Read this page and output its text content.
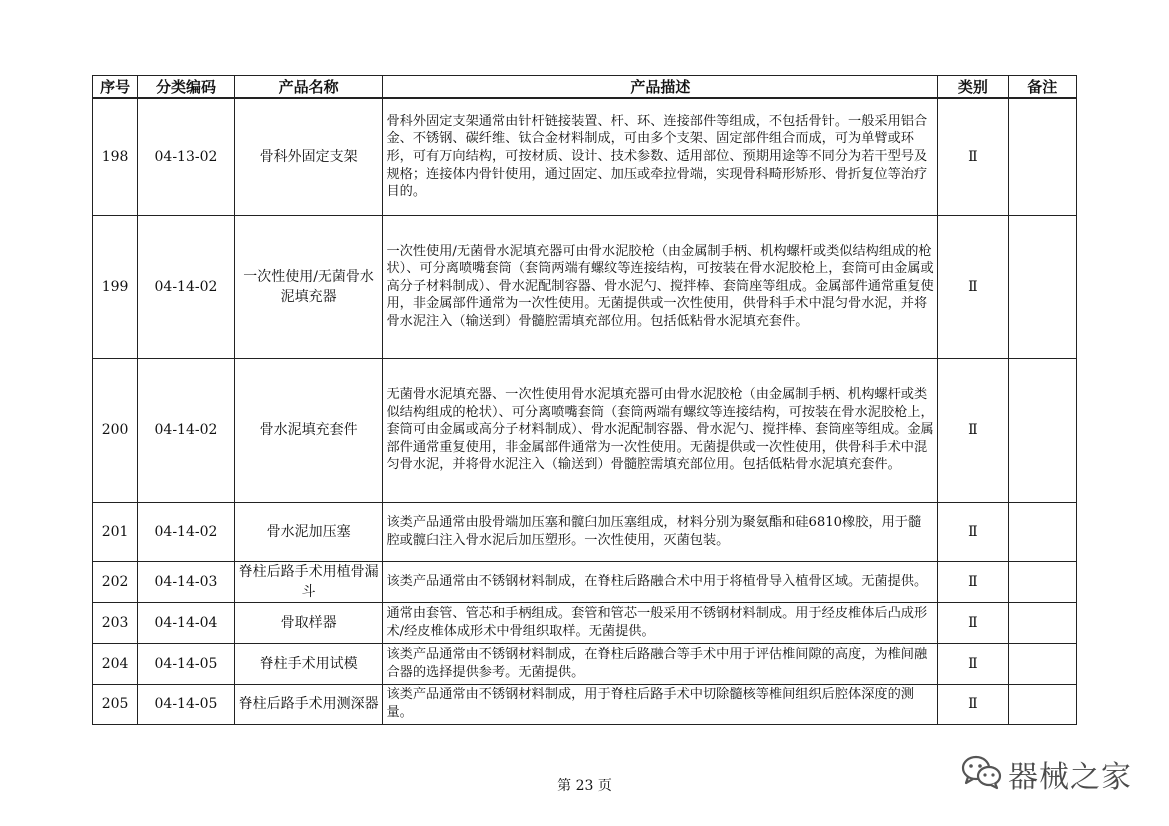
序号	分类编码	产品名称	产品描述	类别	备注
198	04-13-02	骨科外固定支架	骨科外固定支架通常由针杆链接装置、杆、环、连接部件等组成，不包括骨针。一般采用铝合金、不锈钢、碳纤维、钛合金材料制成，可由多个支架、固定部件组合而成，可为单臂或环形，可有万向结构，可按材质、设计、技术参数、适用部位、预期用途等不同分为若干型号及规格；连接体内骨针使用，通过固定、加压或牵拉骨端，实现骨科畸形矫形、骨折复位等治疗目的。	Ⅱ	
199	04-14-02	一次性使用/无菌骨水泥填充器	一次性使用/无菌骨水泥填充器可由骨水泥胶枪（由金属制手柄、机构螺杆或类似结构组成的枪状）、可分离喷嘴套筒（套筒两端有螺纹等连接结构，可按装在骨水泥胶枪上，套筒可由金属或高分子材料制成）、骨水泥配制容器、骨水泥勺、搅拌棒、套筒座等组成。金属部件通常重复使用，非金属部件通常为一次性使用。无菌提供或一次性使用，供骨科手术中混匀骨水泥，并将骨水泥注入（输送到）骨髓腔需填充部位用。包括低粘骨水泥填充套件。	Ⅱ	
200	04-14-02	骨水泥填充套件	无菌骨水泥填充器、一次性使用骨水泥填充器可由骨水泥胶枪（由金属制手柄、机构螺杆或类似结构组成的枪状）、可分离喷嘴套筒（套筒两端有螺纹等连接结构，可按装在骨水泥胶枪上，套筒可由金属或高分子材料制成）、骨水泥配制容器、骨水泥勺、搅拌棒、套筒座等组成。金属部件通常重复使用，非金属部件通常为一次性使用。无菌提供或一次性使用，供骨科手术中混匀骨水泥，并将骨水泥注入（输送到）骨髓腔需填充部位用。包括低粘骨水泥填充套件。	Ⅱ	
201	04-14-02	骨水泥加压塞	该类产品通常由股骨端加压塞和髋臼加压塞组成，材料分别为聚氨酯和硅6810橡胶，用于髓腔或髋臼注入骨水泥后加压塑形。一次性使用，灭菌包装。	Ⅱ	
202	04-14-03	脊柱后路手术用植骨漏斗	该类产品通常由不锈钢材料制成，在脊柱后路融合术中用于将植骨导入植骨区域。无菌提供。	Ⅱ	
203	04-14-04	骨取样器	通常由套管、管芯和手柄组成。套管和管芯一般采用不锈钢材料制成。用于经皮椎体后凸成形术/经皮椎体成形术中骨组织取样。无菌提供。	Ⅱ	
204	04-14-05	脊柱手术用试模	该类产品通常由不锈钢材料制成，在脊柱后路融合等手术中用于评估椎间隙的高度，为椎间融合器的选择提供参考。无菌提供。	Ⅱ	
205	04-14-05	脊柱后路手术用测深器	该类产品通常由不锈钢材料制成，用于脊柱后路手术中切除髓核等椎间组织后腔体深度的测量。	Ⅱ	
第 23 页	器械之家
